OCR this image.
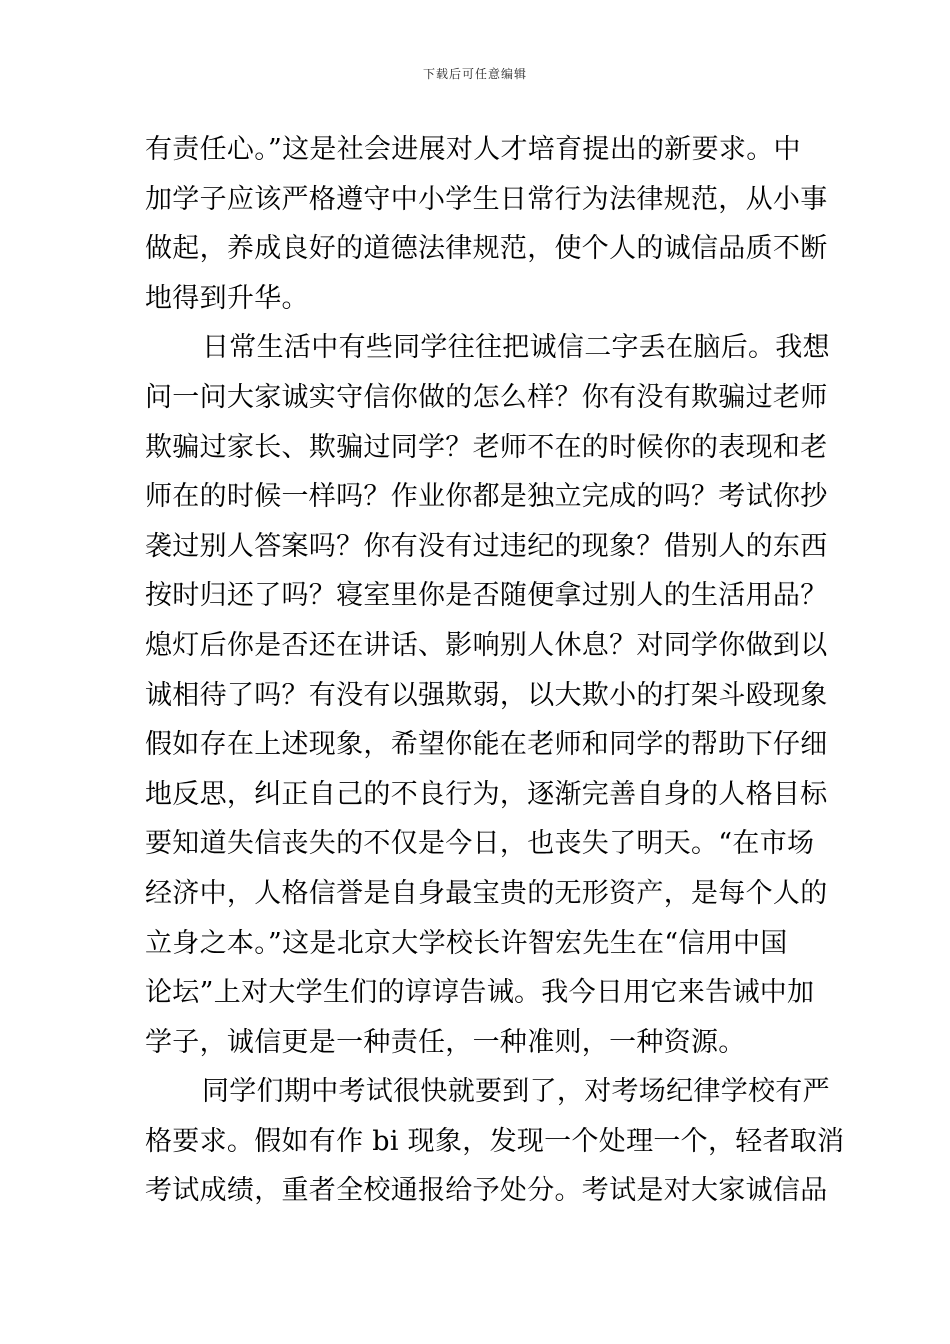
下载后可任意编辑
有责任心。”这是社会进展对人才培育提出的新要求。中
加学子应该严格遵守中小学生日常行为法律规范，从小事
做起，养成良好的道德法律规范，使个人的诚信品质不断
地得到升华。
日常生活中有些同学往往把诚信二字丢在脑后。我想
问一问大家诚实守信你做的怎么样？你有没有欺骗过老师
欺骗过家长、欺骗过同学？老师不在的时候你的表现和老
师在的时候一样吗？作业你都是独立完成的吗？考试你抄
袭过别人答案吗？你有没有过违纪的现象？借别人的东西
按时归还了吗？寝室里你是否随便拿过别人的生活用品？
熄灯后你是否还在讲话、影响别人休息？对同学你做到以
诚相待了吗？有没有以强欺弱，以大欺小的打架斗殴现象
假如存在上述现象，希望你能在老师和同学的帮助下仔细
地反思，纠正自己的不良行为，逐渐完善自身的人格目标
要知道失信丧失的不仅是今日，也丧失了明天。“在市场
经济中，人格信誉是自身最宝贵的无形资产，是每个人的
立身之本。”这是北京大学校长许智宏先生在“信用中国
论坛”上对大学生们的谆谆告诫。我今日用它来告诫中加
学子，诚信更是一种责任，一种准则，一种资源。
同学们期中考试很快就要到了，对考场纪律学校有严
格要求。假如有作 bi 现象，发现一个处理一个，轻者取消
考试成绩，重者全校通报给予处分。考试是对大家诚信品
